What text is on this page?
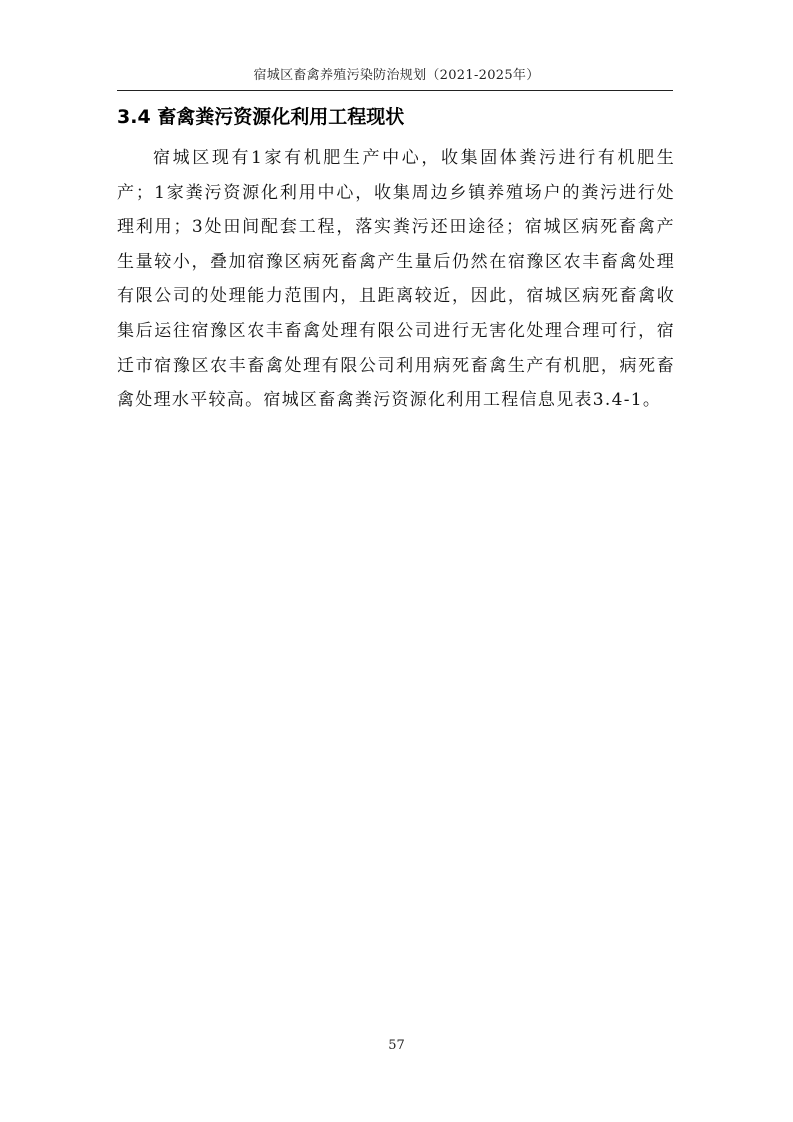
宿城区畜禽养殖污染防治规划（2021-2025年）
3.4 畜禽粪污资源化利用工程现状

宿城区现有1家有机肥生产中心，收集固体粪污进行有机肥生产；1家粪污资源化利用中心，收集周边乡镇养殖场户的粪污进行处理利用；3处田间配套工程，落实粪污还田途径；宿城区病死畜禽产生量较小，叠加宿豫区病死畜禽产生量后仍然在宿豫区农丰畜禽处理有限公司的处理能力范围内，且距离较近，因此，宿城区病死畜禽收集后运往宿豫区农丰畜禽处理有限公司进行无害化处理合理可行，宿迁市宿豫区农丰畜禽处理有限公司利用病死畜禽生产有机肥，病死畜禽处理水平较高。宿城区畜禽粪污资源化利用工程信息见表3.4-1。

57
